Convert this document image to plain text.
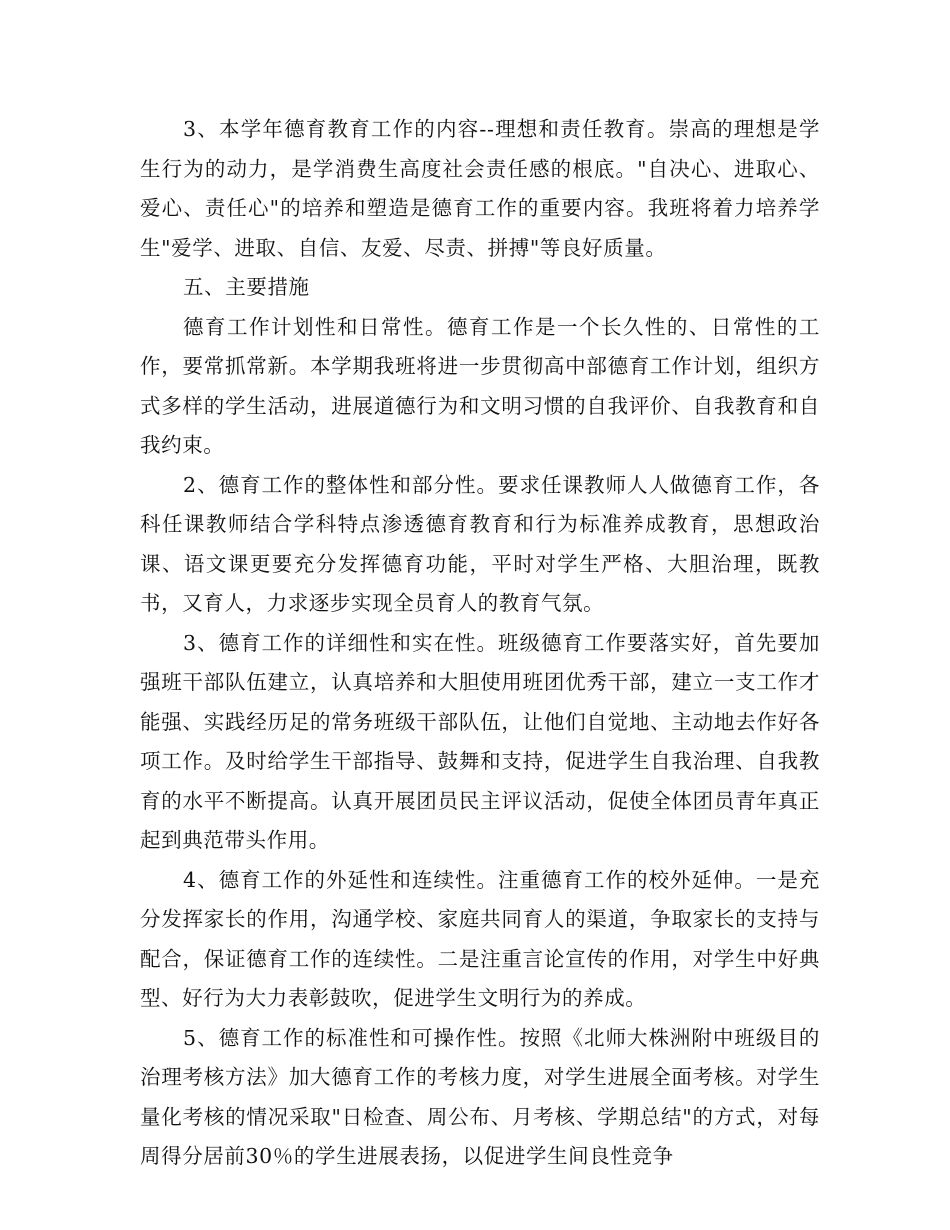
3、本学年德育教育工作的内容--理想和责任教育。崇高的理想是学生行为的动力，是学消费生高度社会责任感的根底。"自决心、进取心、爱心、责任心"的培养和塑造是德育工作的重要内容。我班将着力培养学生"爱学、进取、自信、友爱、尽责、拼搏"等良好质量。

五、主要措施

德育工作计划性和日常性。德育工作是一个长久性的、日常性的工作，要常抓常新。本学期我班将进一步贯彻高中部德育工作计划，组织方式多样的学生活动，进展道德行为和文明习惯的自我评价、自我教育和自我约束。

2、德育工作的整体性和部分性。要求任课教师人人做德育工作，各科任课教师结合学科特点渗透德育教育和行为标准养成教育，思想政治课、语文课更要充分发挥德育功能，平时对学生严格、大胆治理，既教书，又育人，力求逐步实现全员育人的教育气氛。

3、德育工作的详细性和实在性。班级德育工作要落实好，首先要加强班干部队伍建立，认真培养和大胆使用班团优秀干部，建立一支工作才能强、实践经历足的常务班级干部队伍，让他们自觉地、主动地去作好各项工作。及时给学生干部指导、鼓舞和支持，促进学生自我治理、自我教育的水平不断提高。认真开展团员民主评议活动，促使全体团员青年真正起到典范带头作用。

4、德育工作的外延性和连续性。注重德育工作的校外延伸。一是充分发挥家长的作用，沟通学校、家庭共同育人的渠道，争取家长的支持与配合，保证德育工作的连续性。二是注重言论宣传的作用，对学生中好典型、好行为大力表彰鼓吹，促进学生文明行为的养成。

5、德育工作的标准性和可操作性。按照《北师大株洲附中班级目的治理考核方法》加大德育工作的考核力度，对学生进展全面考核。对学生量化考核的情况采取"日检查、周公布、月考核、学期总结"的方式，对每周得分居前30％的学生进展表扬，以促进学生间良性竞争
